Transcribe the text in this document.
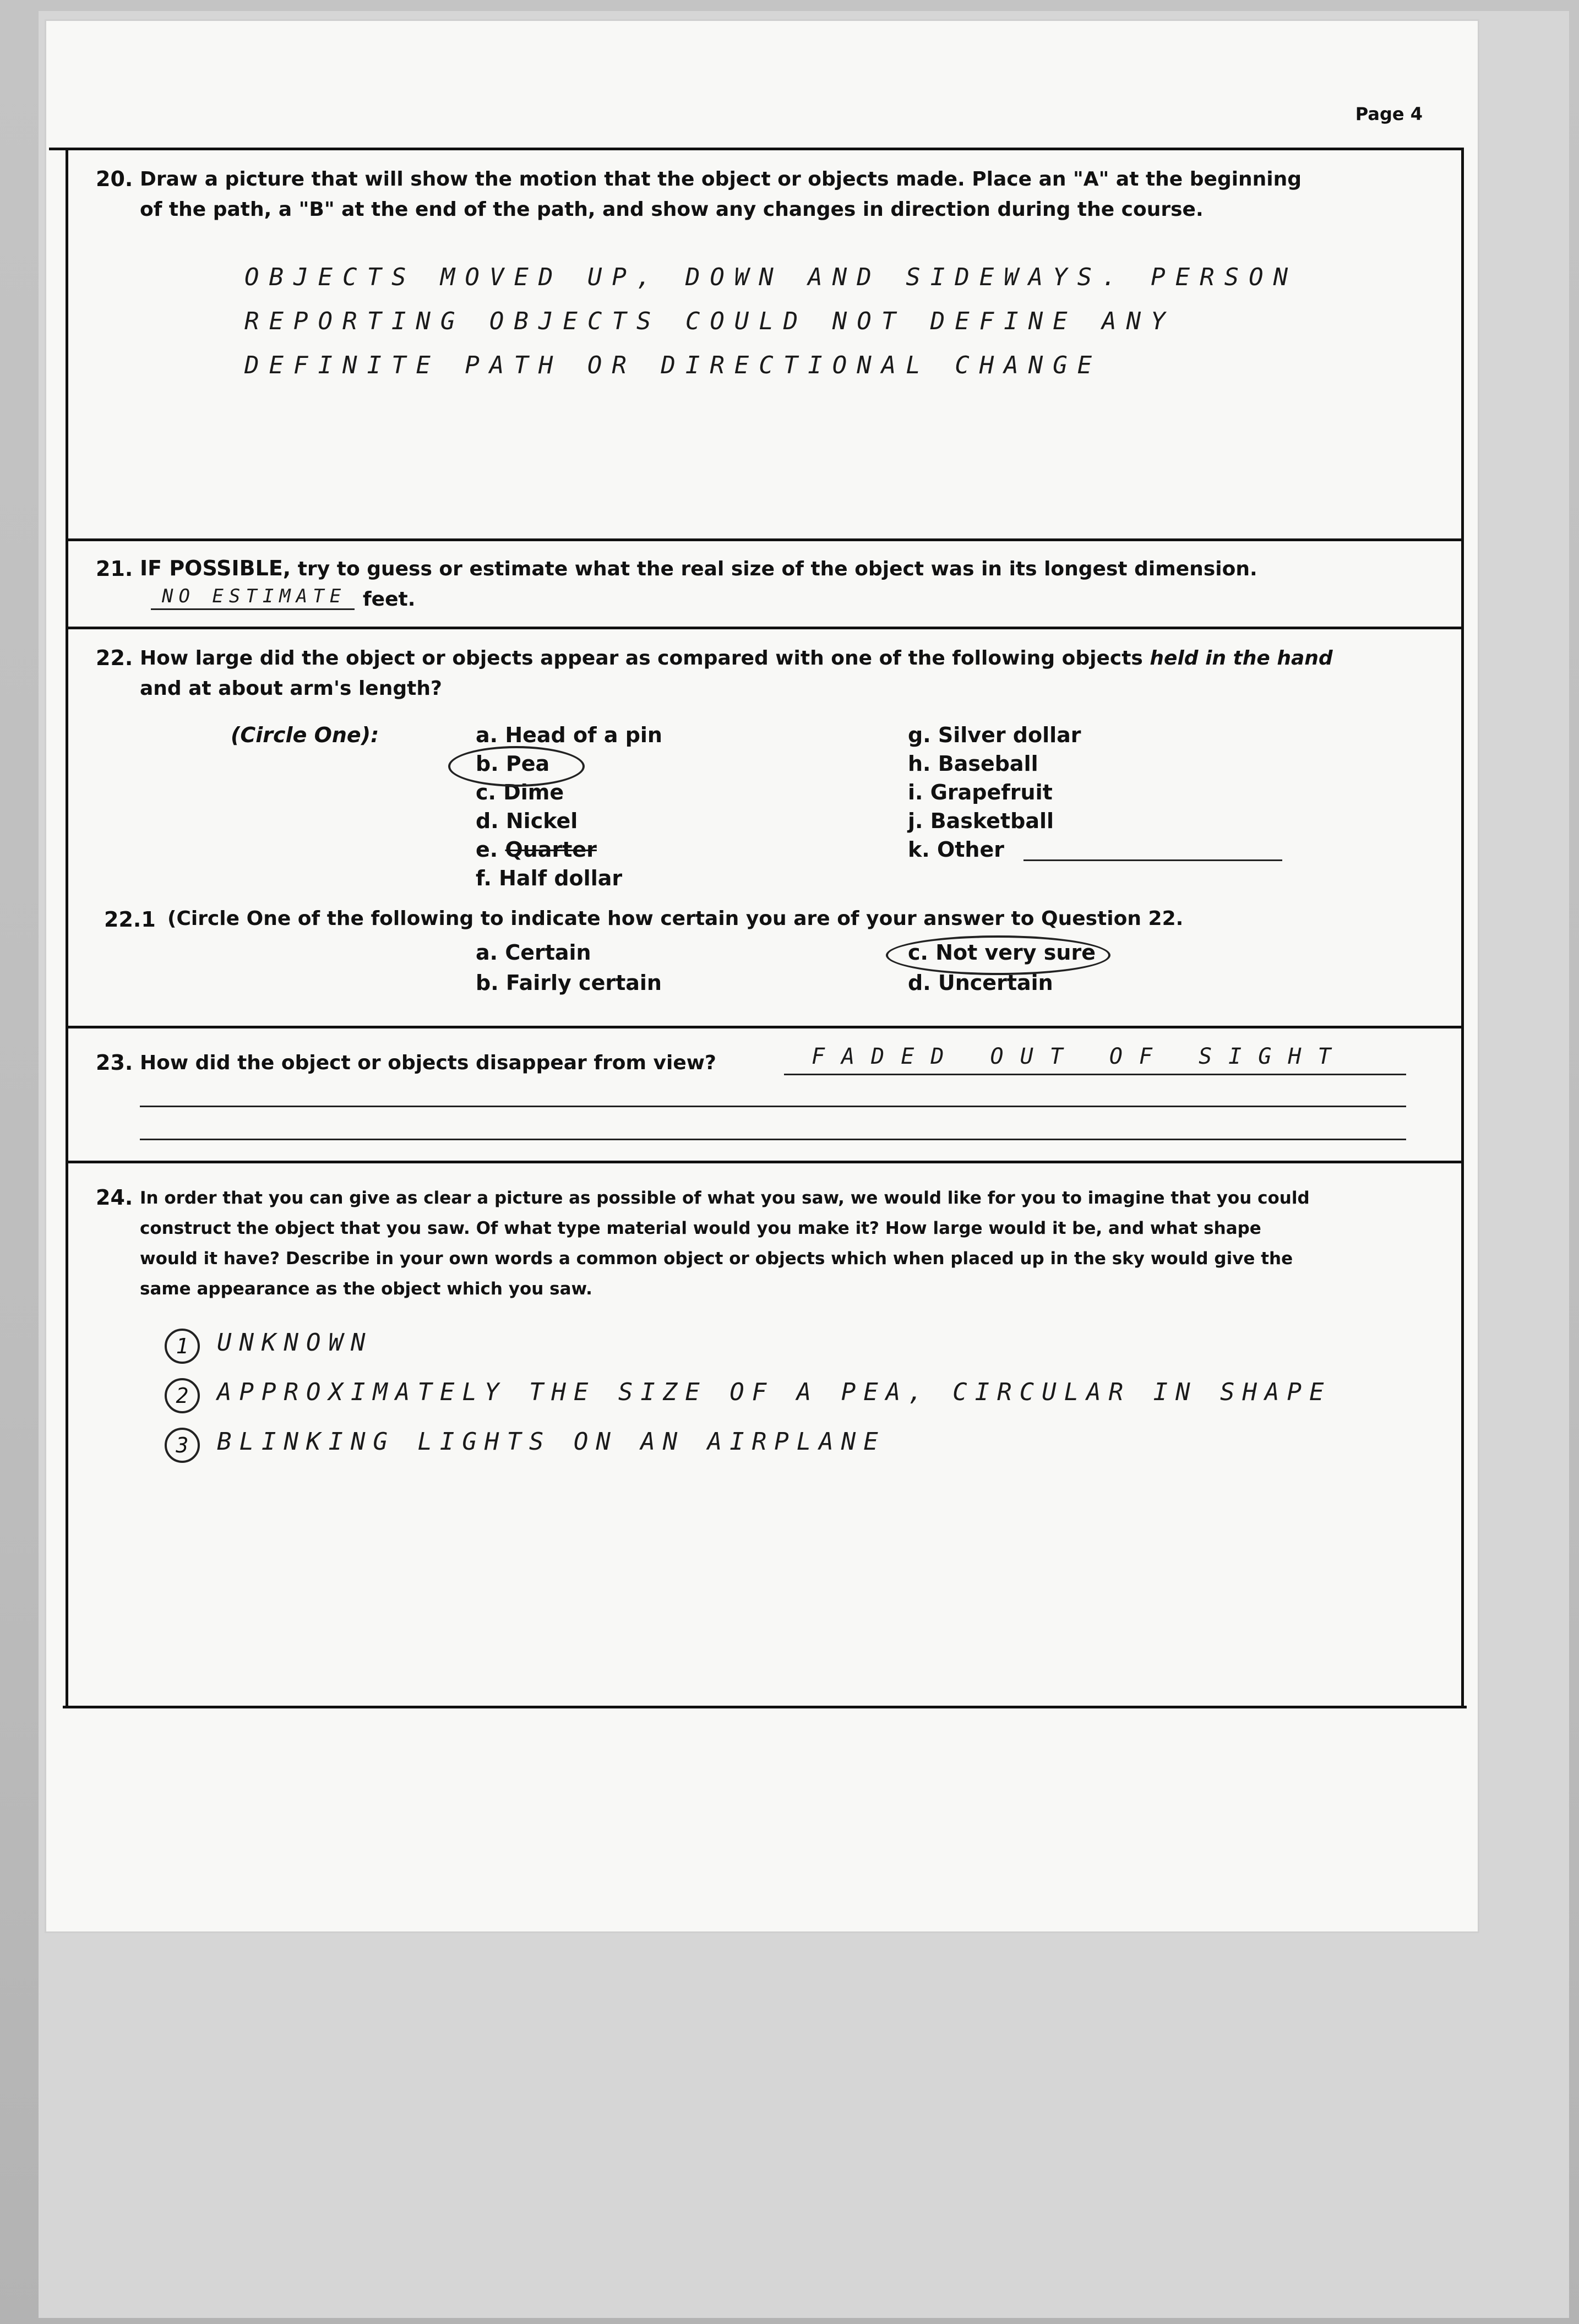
Page 4
20. Draw a picture that will show the motion that the object or objects made. Place an "A" at the beginning
of the path, a "B" at the end of the path, and show any changes in direction during the course.
OBJECTS MOVED UP, DOWN AND SIDEWAYS. PERSON
REPORTING OBJECTS COULD NOT DEFINE ANY
DEFINITE PATH OR DIRECTIONAL CHANGE
21. IF POSSIBLE, try to guess or estimate what the real size of the object was in its longest dimension.
NO ESTIMATE feet.
22. How large did the object or objects appear as compared with one of the following objects held in the hand
and at about arm's length?
(Circle One):	a. Head of a pin
b. Pea
c. Dime
d. Nickel
e. Quarter
f. Half dollar
g. Silver dollar
h. Baseball
i. Grapefruit
j. Basketball
k. Other
22.1 (Circle One of the following to indicate how certain you are of your answer to Question 22.
a. Certain
b. Fairly certain
c. Not very sure
d. Uncertain
23. How did the object or objects disappear from view?	FADED OUT OF SIGHT
24. In order that you can give as clear a picture as possible of what you saw, we would like for you to imagine that you could
construct the object that you saw. Of what type material would you make it? How large would it be, and what shape
would it have? Describe in your own words a common object or objects which when placed up in the sky would give the
same appearance as the object which you saw.
1	UNKNOWN
2	APPROXIMATELY THE SIZE OF A PEA, CIRCULAR IN SHAPE
3	BLINKING LIGHTS ON AN AIRPLANE
